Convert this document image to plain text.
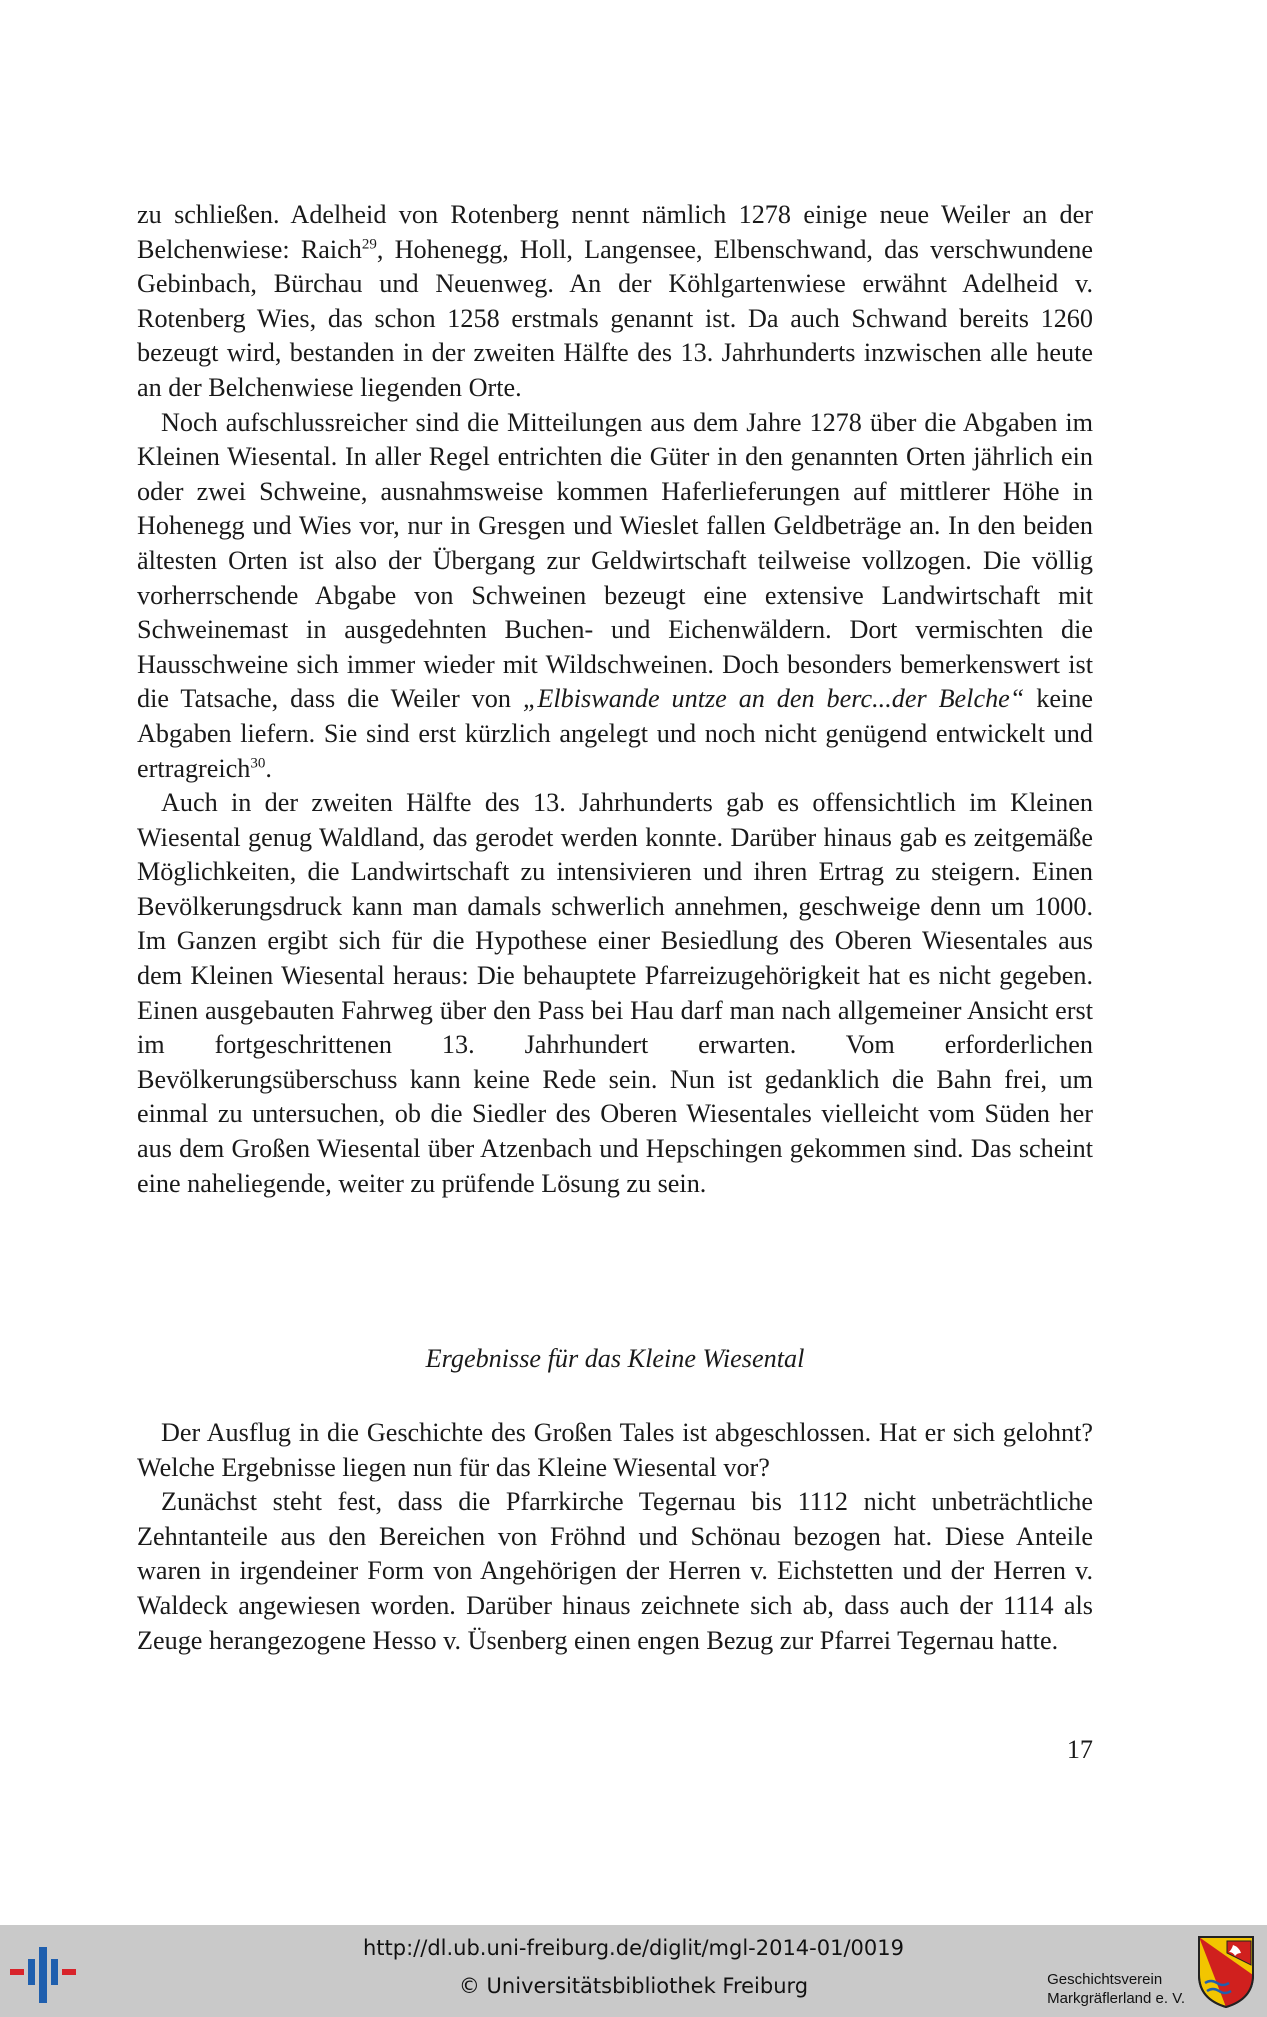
zu schließen. Adelheid von Rotenberg nennt nämlich 1278 einige neue Weiler an der Belchenwiese: Raich$^{29}$, Hohenegg, Holl, Langensee, Elbenschwand, das verschwundene Gebinbach, Bürchau und Neuenweg. An der Köhlgartenwiese erwähnt Adelheid v. Rotenberg Wies, das schon 1258 erstmals genannt ist. Da auch Schwand bereits 1260 bezeugt wird, bestanden in der zweiten Hälfte des 13. Jahrhunderts inzwischen alle heute an der Belchenwiese liegenden Orte.

Noch aufschlussreicher sind die Mitteilungen aus dem Jahre 1278 über die Abgaben im Kleinen Wiesental. In aller Regel entrichten die Güter in den genannten Orten jährlich ein oder zwei Schweine, ausnahmsweise kommen Haferlieferungen auf mittlerer Höhe in Hohenegg und Wies vor, nur in Gresgen und Wieslet fallen Geldbeträge an. In den beiden ältesten Orten ist also der Übergang zur Geldwirtschaft teilweise vollzogen. Die völlig vorherrschende Abgabe von Schweinen bezeugt eine extensive Landwirtschaft mit Schweinemast in ausgedehnten Buchen- und Eichenwäldern. Dort vermischten die Hausschweine sich immer wieder mit Wildschweinen. Doch besonders bemerkenswert ist die Tatsache, dass die Weiler von „Elbiswande untze an den berc...der Belche“ keine Abgaben liefern. Sie sind erst kürzlich angelegt und noch nicht genügend entwickelt und ertragreich$^{30}$.

Auch in der zweiten Hälfte des 13. Jahrhunderts gab es offensichtlich im Kleinen Wiesental genug Waldland, das gerodet werden konnte. Darüber hinaus gab es zeitgemäße Möglichkeiten, die Landwirtschaft zu intensivieren und ihren Ertrag zu steigern. Einen Bevölkerungsdruck kann man damals schwerlich annehmen, geschweige denn um 1000. Im Ganzen ergibt sich für die Hypothese einer Besiedlung des Oberen Wiesentales aus dem Kleinen Wiesental heraus: Die behauptete Pfarreizugehörigkeit hat es nicht gegeben. Einen ausgebauten Fahrweg über den Pass bei Hau darf man nach allgemeiner Ansicht erst im fortgeschrittenen 13. Jahrhundert erwarten. Vom erforderlichen Bevölkerungsüberschuss kann keine Rede sein. Nun ist gedanklich die Bahn frei, um einmal zu untersuchen, ob die Siedler des Oberen Wiesentales vielleicht vom Süden her aus dem Großen Wiesental über Atzenbach und Hepschingen gekommen sind. Das scheint eine naheliegende, weiter zu prüfende Lösung zu sein.

Ergebnisse für das Kleine Wiesental

Der Ausflug in die Geschichte des Großen Tales ist abgeschlossen. Hat er sich gelohnt? Welche Ergebnisse liegen nun für das Kleine Wiesental vor?

Zunächst steht fest, dass die Pfarrkirche Tegernau bis 1112 nicht unbeträchtliche Zehntanteile aus den Bereichen von Fröhnd und Schönau bezogen hat. Diese Anteile waren in irgendeiner Form von Angehörigen der Herren v. Eichstetten und der Herren v. Waldeck angewiesen worden. Darüber hinaus zeichnete sich ab, dass auch der 1114 als Zeuge herangezogene Hesso v. Üsenberg einen engen Bezug zur Pfarrei Tegernau hatte.

17
http://dl.ub.uni-freiburg.de/diglit/mgl-2014-01/0019
© Universitätsbibliothek Freiburg	Geschichtsverein
Markgräflerland e. V.
